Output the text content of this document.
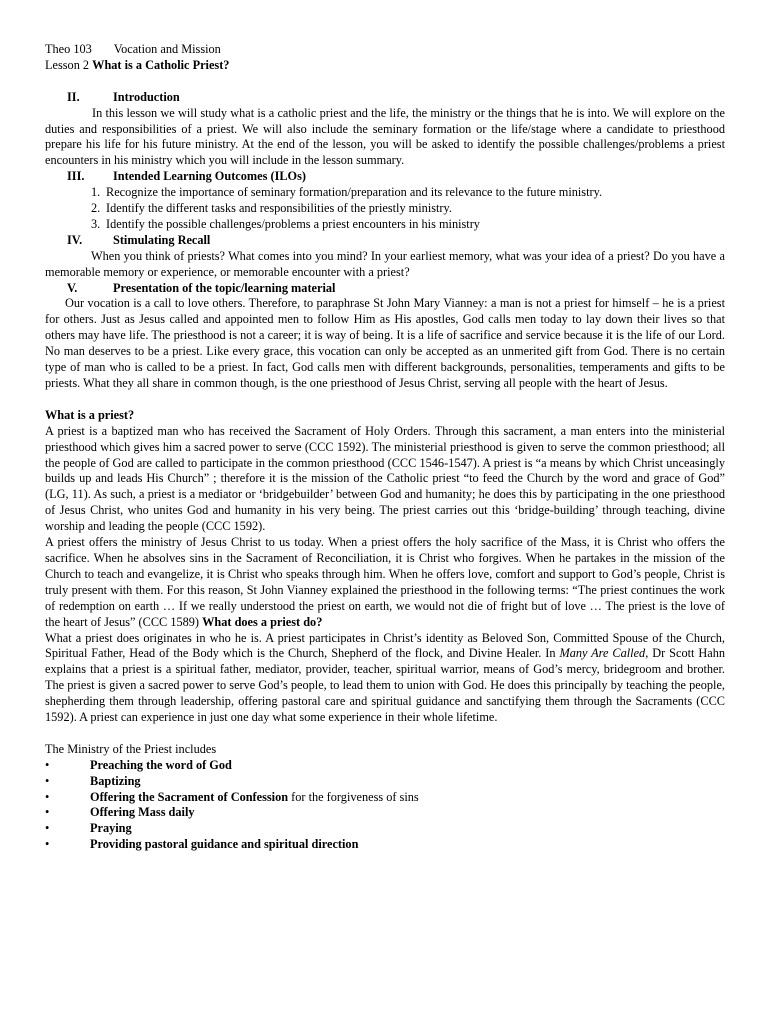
Theo 103 Vocation and Mission
Lesson 2 What is a Catholic Priest?
II.	Introduction

In this lesson we will study what is a catholic priest and the life, the ministry or the things that he is into. We will explore on the duties and responsibilities of a priest. We will also include the seminary formation or the life/stage where a candidate to priesthood prepare his life for his future ministry. At the end of the lesson, you will be asked to identify the possible challenges/problems a priest encounters in his ministry which you will include in the lesson summary.

III. Intended Learning Outcomes (ILOs)
1. Recognize the importance of seminary formation/preparation and its relevance to the future ministry.
2. Identify the different tasks and responsibilities of the priestly ministry.
3. Identify the possible challenges/problems a priest encounters in his ministry
IV.	Stimulating Recall

When you think of priests? What comes into you mind? In your earliest memory, what was your idea of a priest? Do you have a memorable memory or experience, or memorable encounter with a priest?

V.	Presentation of the topic/learning material

Our vocation is a call to love others. Therefore, to paraphrase St John Mary Vianney: a man is not a priest for himself – he is a priest for others. Just as Jesus called and appointed men to follow Him as His apostles, God calls men today to lay down their lives so that others may have life. The priesthood is not a career; it is way of being. It is a life of sacrifice and service because it is the life of our Lord. No man deserves to be a priest. Like every grace, this vocation can only be accepted as an unmerited gift from God. There is no certain type of man who is called to be a priest. In fact, God calls men with different backgrounds, personalities, temperaments and gifts to be priests. What they all share in common though, is the one priesthood of Jesus Christ, serving all people with the heart of Jesus.

What is a priest?

A priest is a baptized man who has received the Sacrament of Holy Orders. Through this sacrament, a man enters into the ministerial priesthood which gives him a sacred power to serve (CCC 1592). The ministerial priesthood is given to serve the common priesthood; all the people of God are called to participate in the common priesthood (CCC 1546-1547). A priest is “a means by which Christ unceasingly builds up and leads His Church” ; therefore it is the mission of the Catholic priest “to feed the Church by the word and grace of God” (LG, 11). As such, a priest is a mediator or ‘bridgebuilder’ between God and humanity; he does this by participating in the one priesthood of Jesus Christ, who unites God and humanity in his very being. The priest carries out this ‘bridge-building’ through teaching, divine worship and leading the people (CCC 1592).

A priest offers the ministry of Jesus Christ to us today. When a priest offers the holy sacrifice of the Mass, it is Christ who offers the sacrifice. When he absolves sins in the Sacrament of Reconciliation, it is Christ who forgives. When he partakes in the mission of the Church to teach and evangelize, it is Christ who speaks through him. When he offers love, comfort and support to God’s people, Christ is truly present with them. For this reason, St John Vianney explained the priesthood in the following terms: “The priest continues the work of redemption on earth … If we really understood the priest on earth, we would not die of fright but of love … The priest is the love of the heart of Jesus” (CCC 1589) What does a priest do?

What a priest does originates in who he is. A priest participates in Christ’s identity as Beloved Son, Committed Spouse of the Church, Spiritual Father, Head of the Body which is the Church, Shepherd of the flock, and Divine Healer. In Many Are Called, Dr Scott Hahn explains that a priest is a spiritual father, mediator, provider, teacher, spiritual warrior, means of God’s mercy, bridegroom and brother. The priest is given a sacred power to serve God’s people, to lead them to union with God. He does this principally by teaching the people, shepherding them through leadership, offering pastoral care and spiritual guidance and sanctifying them through the Sacraments (CCC 1592). A priest can experience in just one day what some experience in their whole lifetime.

The Ministry of the Priest includes
•	Preaching the word of God
•	Baptizing
•	Offering the Sacrament of Confession for the forgiveness of sins
•	Offering Mass daily
•	Praying
•	Providing pastoral guidance and spiritual direction
